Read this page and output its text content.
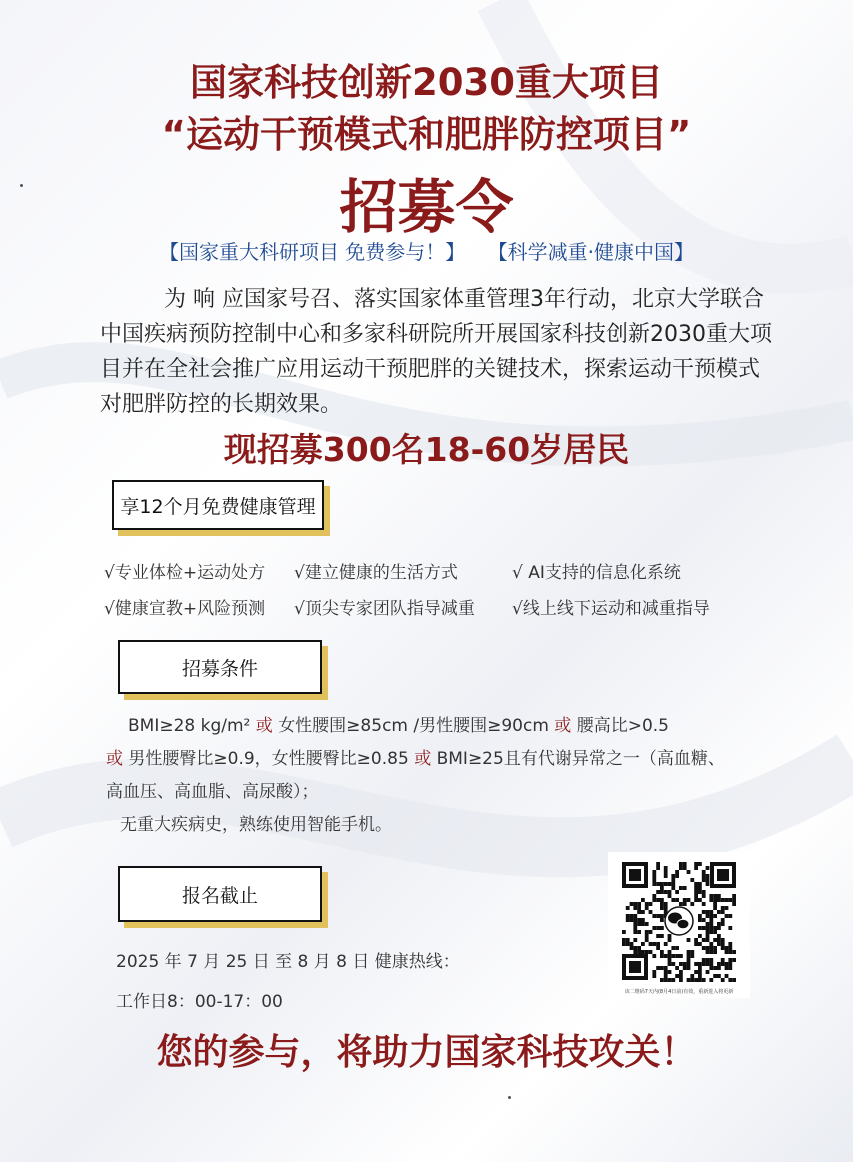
国家科技创新2030重大项目
“运动干预模式和肥胖防控项目”
招募令
【国家重大科研项目 免费参与！】 【科学减重·健康中国】
为 响 应国家号召、落实国家体重管理3年行动，北京大学联合中国疾病预防控制中心和多家科研院所开展国家科技创新2030重大项目并在全社会推广应用运动干预肥胖的关键技术，探索运动干预模式对肥胖防控的长期效果。
现招募300名18-60岁居民
享12个月免费健康管理
√专业体检+运动处方	√建立健康的生活方式	√ AI支持的信息化系统
√健康宣教+风险预测	√顶尖专家团队指导减重	√线上线下运动和减重指导
招募条件
BMI≥28 kg/m² 或 女性腰围≥85cm /男性腰围≥90cm 或 腰高比>0.5
或 男性腰臀比≥0.9，女性腰臀比≥0.85 或 BMI≥25且有代谢异常之一（高血糖、
高血压、高血脂、高尿酸）；
无重大疾病史，熟练使用智能手机。
报名截止
2025 年 7 月 25 日 至 8 月 8 日 健康热线：
工作日8：00-17：00	该二维码7天内(8月4日前)有效，重新进入将更新
您的参与，将助力国家科技攻关！
